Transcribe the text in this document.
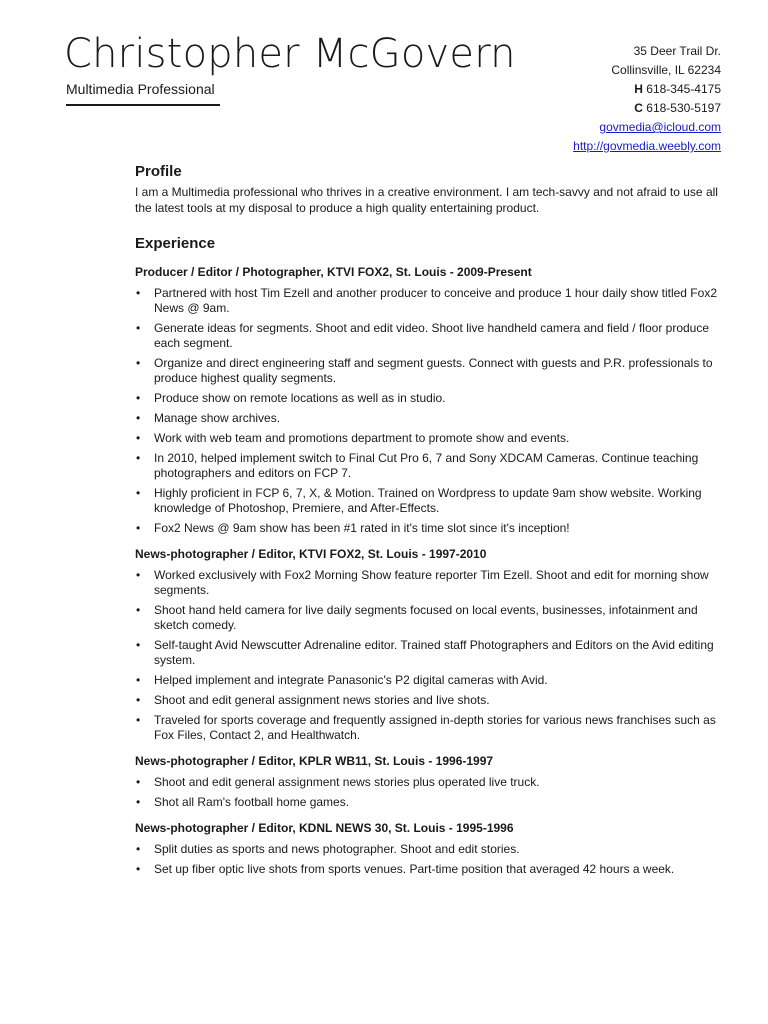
Christopher McGovern
Multimedia Professional
35 Deer Trail Dr.
Collinsville, IL 62234
H 618-345-4175
C 618-530-5197
govmedia@icloud.com
http://govmedia.weebly.com
Profile

I am a Multimedia professional who thrives in a creative environment. I am tech-savvy and not afraid to use all the latest tools at my disposal to produce a high quality entertaining product.

Experience
Producer / Editor / Photographer, KTVI FOX2, St. Louis - 2009-Present
• Partnered with host Tim Ezell and another producer to conceive and produce 1 hour daily show titled Fox2 News @ 9am.
• Generate ideas for segments. Shoot and edit video. Shoot live handheld camera and field / floor produce each segment.
• Organize and direct engineering staff and segment guests. Connect with guests and P.R. professionals to produce highest quality segments.
• Produce show on remote locations as well as in studio.
• Manage show archives.
• Work with web team and promotions department to promote show and events.
• In 2010, helped implement switch to Final Cut Pro 6, 7 and Sony XDCAM Cameras. Continue teaching photographers and editors on FCP 7.
• Highly proficient in FCP 6, 7, X, & Motion. Trained on Wordpress to update 9am show website. Working knowledge of Photoshop, Premiere, and After-Effects.
• Fox2 News @ 9am show has been #1 rated in it's time slot since it's inception!
News-photographer / Editor, KTVI FOX2, St. Louis - 1997-2010
• Worked exclusively with Fox2 Morning Show feature reporter Tim Ezell. Shoot and edit for morning show segments.
• Shoot hand held camera for live daily segments focused on local events, businesses, infotainment and sketch comedy.
• Self-taught Avid Newscutter Adrenaline editor. Trained staff Photographers and Editors on the Avid editing system.
• Helped implement and integrate Panasonic's P2 digital cameras with Avid.
• Shoot and edit general assignment news stories and live shots.
• Traveled for sports coverage and frequently assigned in-depth stories for various news franchises such as Fox Files, Contact 2, and Healthwatch.
News-photographer / Editor, KPLR WB11, St. Louis - 1996-1997
• Shoot and edit general assignment news stories plus operated live truck.
• Shot all Ram's football home games.
News-photographer / Editor, KDNL NEWS 30, St. Louis - 1995-1996
• Split duties as sports and news photographer. Shoot and edit stories.
• Set up fiber optic live shots from sports venues. Part-time position that averaged 42 hours a week.
